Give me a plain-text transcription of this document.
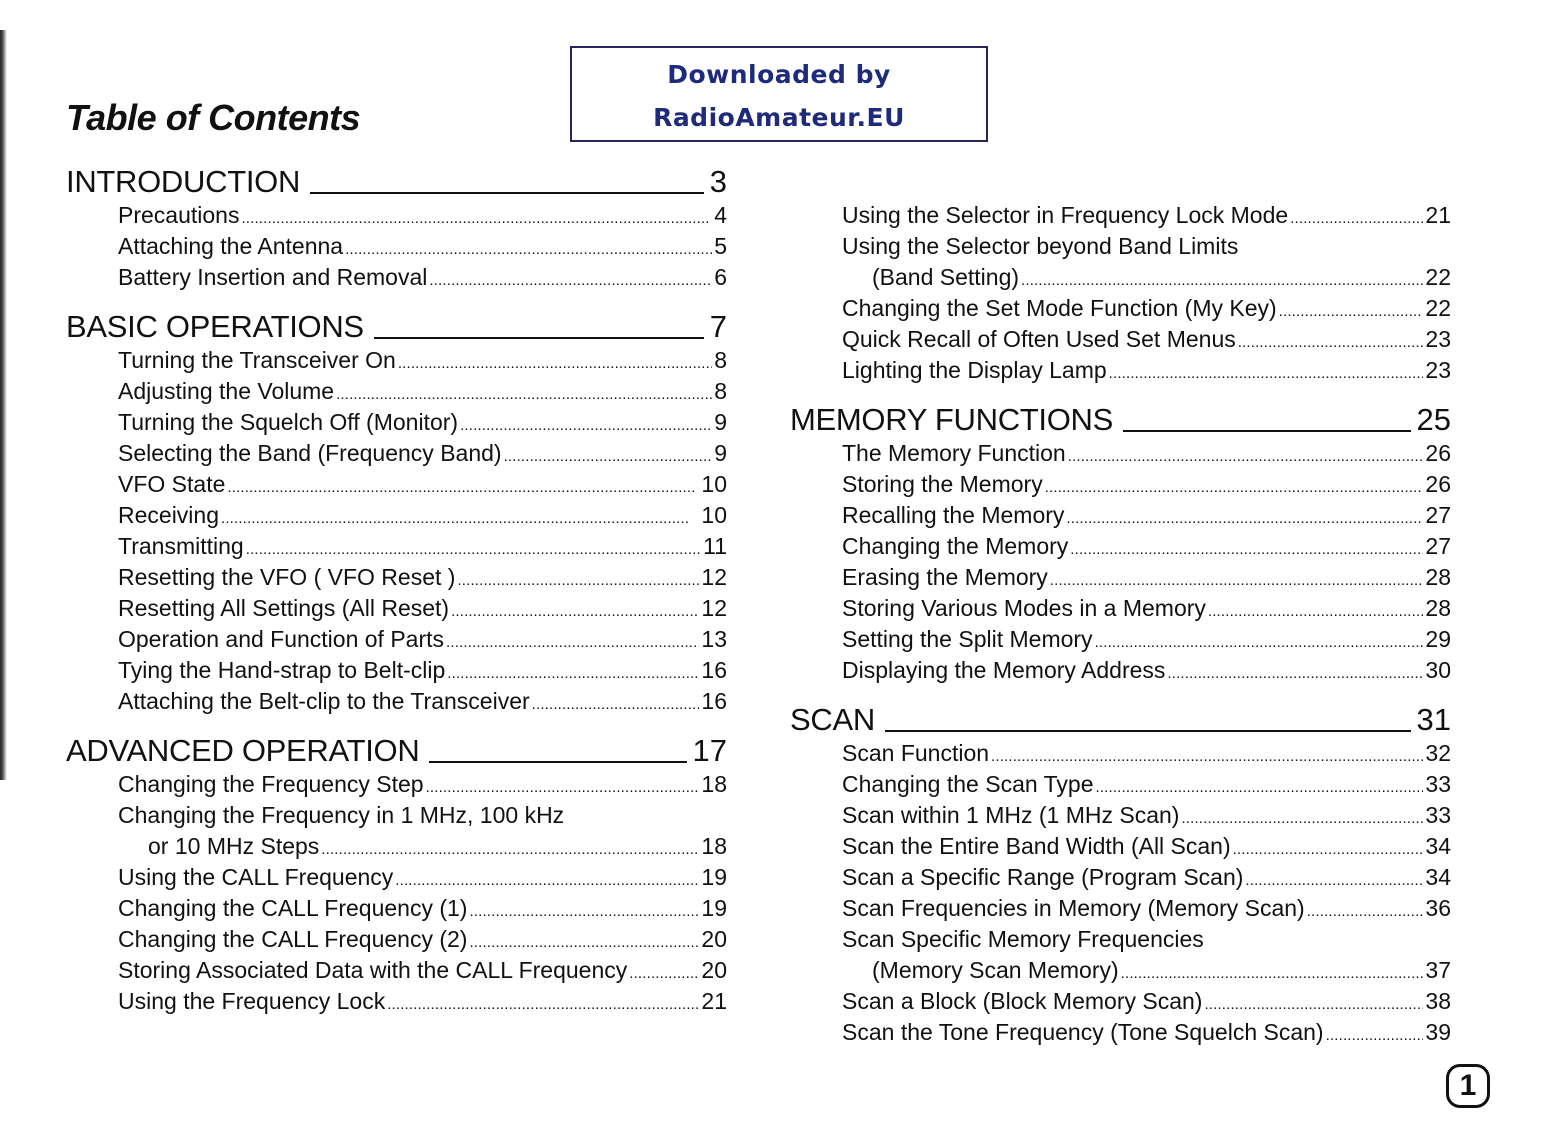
Table of Contents
Downloaded by
RadioAmateur.EU
INTRODUCTION	3
Precautions . . .	4
Attaching the Antenna . . .	5
Battery Insertion and Removal . . .	6
BASIC OPERATIONS	7
Turning the Transceiver On . . .	8
Adjusting the Volume . . .	8
Turning the Squelch Off (Monitor) . . .	9
Selecting the Band (Frequency Band) . . .	9
VFO State . . .	10
Receiving . . .	10
Transmitting . . .	11
Resetting the VFO ( VFO Reset ) . . .	12
Resetting All Settings (All Reset) . . .	12
Operation and Function of Parts . . .	13
Tying the Hand-strap to Belt-clip . . .	16
Attaching the Belt-clip to the Transceiver . . .	16
ADVANCED OPERATION	17
Changing the Frequency Step . . .	18
Changing the Frequency in 1 MHz, 100 kHz
or 10 MHz Steps . . .	18
Using the CALL Frequency . . .	19
Changing the CALL Frequency (1) . . .	19
Changing the CALL Frequency (2) . . .	20
Storing Associated Data with the CALL Frequency . . .	20
Using the Frequency Lock . . .	21
Using the Selector in Frequency Lock Mode . . .	21
Using the Selector beyond Band Limits
(Band Setting) . . .	22
Changing the Set Mode Function (My Key) . . .	22
Quick Recall of Often Used Set Menus . . .	23
Lighting the Display Lamp . . .	23
MEMORY FUNCTIONS	25
The Memory Function . . .	26
Storing the Memory . . .	26
Recalling the Memory . . .	27
Changing the Memory . . .	27
Erasing the Memory . . .	28
Storing Various Modes in a Memory . . .	28
Setting the Split Memory . . .	29
Displaying the Memory Address . . .	30
SCAN	31
Scan Function . . .	32
Changing the Scan Type . . .	33
Scan within 1 MHz (1 MHz Scan) . . .	33
Scan the Entire Band Width (All Scan) . . .	34
Scan a Specific Range (Program Scan) . . .	34
Scan Frequencies in Memory (Memory Scan) . . .	36
Scan Specific Memory Frequencies
(Memory Scan Memory) . . .	37
Scan a Block (Block Memory Scan) . . .	38
Scan the Tone Frequency (Tone Squelch Scan) . . .	39
1
